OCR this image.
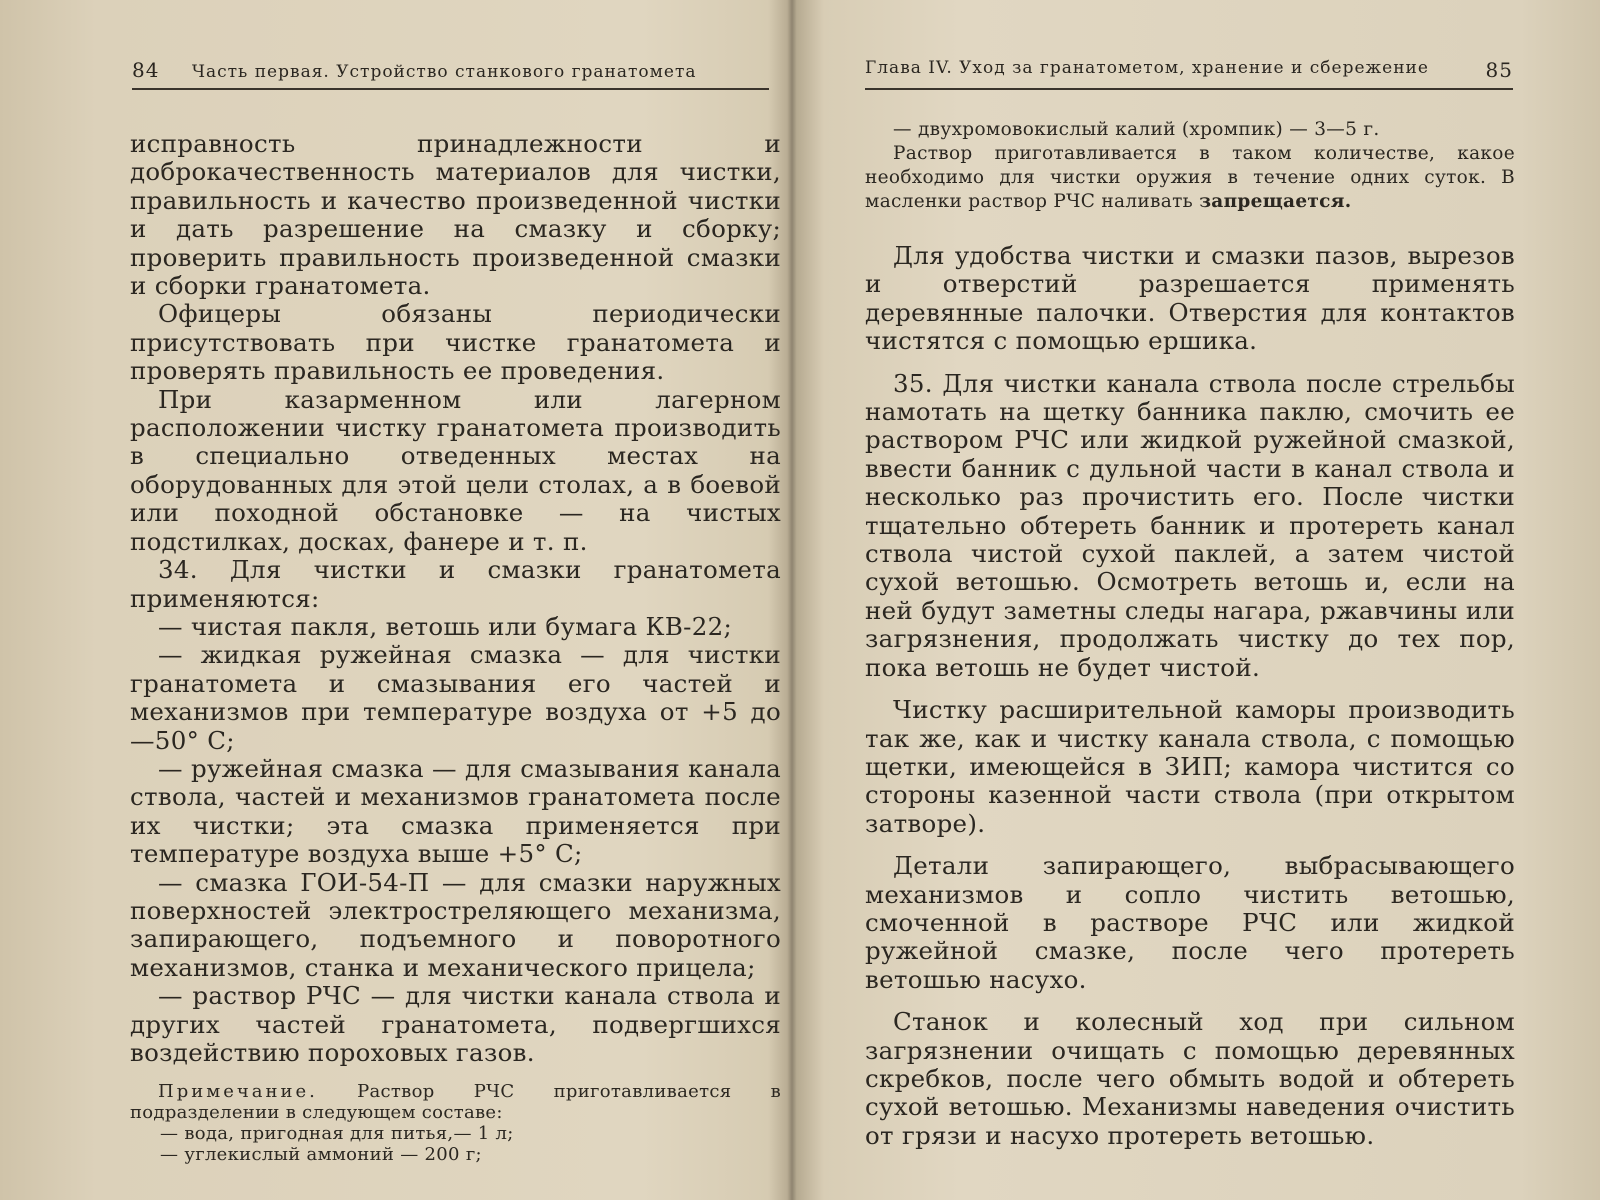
84 Часть первая. Устройство станкового гранатомета

исправность принадлежности и доброкачественность материалов для чистки, правильность и качество произведенной чистки и дать разрешение на смазку и сборку; проверить правильность произведенной смазки и сборки гранатомета.

Офицеры обязаны периодически присутствовать при чистке гранатомета и проверять правильность ее проведения.

При казарменном или лагерном расположении чистку гранатомета производить в специально отведенных местах на оборудованных для этой цели столах, а в боевой или походной обстановке — на чистых подстилках, досках, фанере и т. п.

34. Для чистки и смазки гранатомета применяются:

— чистая пакля, ветошь или бумага КВ-22;

— жидкая ружейная смазка — для чистки гранатомета и смазывания его частей и механизмов при температуре воздуха от +5 до —50° С;

— ружейная смазка — для смазывания канала ствола, частей и механизмов гранатомета после их чистки; эта смазка применяется при температуре воздуха выше +5° С;

— смазка ГОИ-54-П — для смазки наружных поверхностей электростреляющего механизма, запирающего, подъемного и поворотного механизмов, станка и механического прицела;

— раствор РЧС — для чистки канала ствола и других частей гранатомета, подвергшихся воздействию пороховых газов.

Примечание. Раствор РЧС приготавливается в подразделении в следующем составе:

— вода, пригодная для питья,— 1 л;

— углекислый аммоний — 200 г;

85
Глава IV. Уход за гранатометом, хранение и сбережение

— двухромовокислый калий (хромпик) — 3—5 г.

Раствор приготавливается в таком количестве, какое необходимо для чистки оружия в течение одних суток. В масленки раствор РЧС наливать запрещается.

Для удобства чистки и смазки пазов, вырезов и отверстий разрешается применять деревянные палочки. Отверстия для контактов чистятся с помощью ершика.

35. Для чистки канала ствола после стрельбы намотать на щетку банника паклю, смочить ее раствором РЧС или жидкой ружейной смазкой, ввести банник с дульной части в канал ствола и несколько раз прочистить его. После чистки тщательно обтереть банник и протереть канал ствола чистой сухой паклей, а затем чистой сухой ветошью. Осмотреть ветошь и, если на ней будут заметны следы нагара, ржавчины или загрязнения, продолжать чистку до тех пор, пока ветошь не будет чистой.

Чистку расширительной каморы производить так же, как и чистку канала ствола, с помощью щетки, имеющейся в ЗИП; камора чистится со стороны казенной части ствола (при открытом затворе).

Детали запирающего, выбрасывающего механизмов и сопло чистить ветошью, смоченной в растворе РЧС или жидкой ружейной смазке, после чего протереть ветошью насухо.

Станок и колесный ход при сильном загрязнении очищать с помощью деревянных скребков, после чего обмыть водой и обтереть сухой ветошью. Механизмы наведения очистить от грязи и насухо протереть ветошью.
